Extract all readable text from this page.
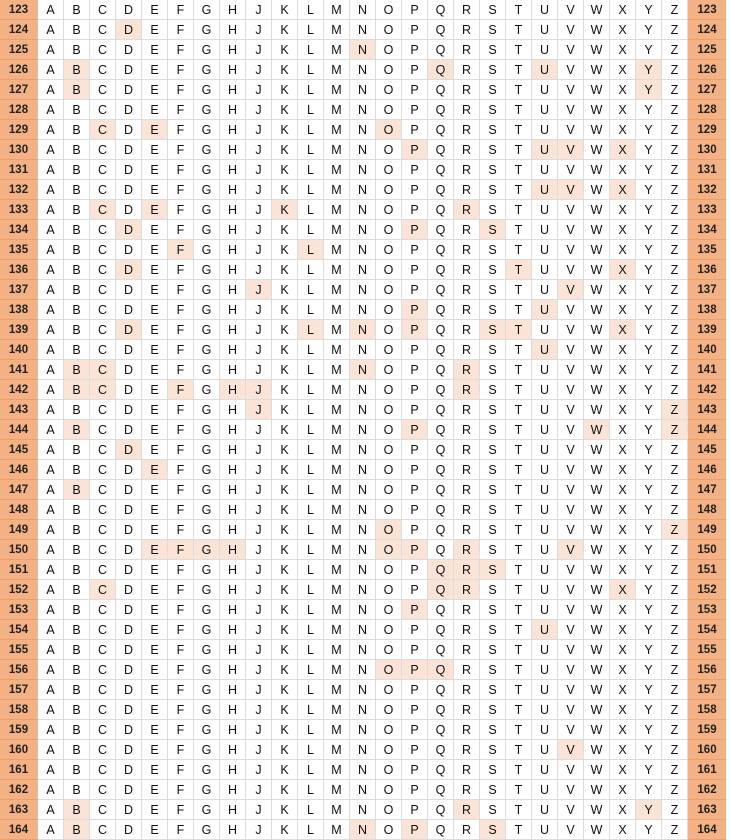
123	A	B	C	D	E	F	G	H	J	K	L	M	N	O	P	Q	R	S	T	U	V	W	X	Y	Z	123
124	A	B	C	D	E	F	G	H	J	K	L	M	N	O	P	Q	R	S	T	U	V	W	X	Y	Z	124
125	A	B	C	D	E	F	G	H	J	K	L	M	N	O	P	Q	R	S	T	U	V	W	X	Y	Z	125
126	A	B	C	D	E	F	G	H	J	K	L	M	N	O	P	Q	R	S	T	U	V	W	X	Y	Z	126
127	A	B	C	D	E	F	G	H	J	K	L	M	N	O	P	Q	R	S	T	U	V	W	X	Y	Z	127
128	A	B	C	D	E	F	G	H	J	K	L	M	N	O	P	Q	R	S	T	U	V	W	X	Y	Z	128
129	A	B	C	D	E	F	G	H	J	K	L	M	N	O	P	Q	R	S	T	U	V	W	X	Y	Z	129
130	A	B	C	D	E	F	G	H	J	K	L	M	N	O	P	Q	R	S	T	U	V	W	X	Y	Z	130
131	A	B	C	D	E	F	G	H	J	K	L	M	N	O	P	Q	R	S	T	U	V	W	X	Y	Z	131
132	A	B	C	D	E	F	G	H	J	K	L	M	N	O	P	Q	R	S	T	U	V	W	X	Y	Z	132
133	A	B	C	D	E	F	G	H	J	K	L	M	N	O	P	Q	R	S	T	U	V	W	X	Y	Z	133
134	A	B	C	D	E	F	G	H	J	K	L	M	N	O	P	Q	R	S	T	U	V	W	X	Y	Z	134
135	A	B	C	D	E	F	G	H	J	K	L	M	N	O	P	Q	R	S	T	U	V	W	X	Y	Z	135
136	A	B	C	D	E	F	G	H	J	K	L	M	N	O	P	Q	R	S	T	U	V	W	X	Y	Z	136
137	A	B	C	D	E	F	G	H	J	K	L	M	N	O	P	Q	R	S	T	U	V	W	X	Y	Z	137
138	A	B	C	D	E	F	G	H	J	K	L	M	N	O	P	Q	R	S	T	U	V	W	X	Y	Z	138
139	A	B	C	D	E	F	G	H	J	K	L	M	N	O	P	Q	R	S	T	U	V	W	X	Y	Z	139
140	A	B	C	D	E	F	G	H	J	K	L	M	N	O	P	Q	R	S	T	U	V	W	X	Y	Z	140
141	A	B	C	D	E	F	G	H	J	K	L	M	N	O	P	Q	R	S	T	U	V	W	X	Y	Z	141
142	A	B	C	D	E	F	G	H	J	K	L	M	N	O	P	Q	R	S	T	U	V	W	X	Y	Z	142
143	A	B	C	D	E	F	G	H	J	K	L	M	N	O	P	Q	R	S	T	U	V	W	X	Y	Z	143
144	A	B	C	D	E	F	G	H	J	K	L	M	N	O	P	Q	R	S	T	U	V	W	X	Y	Z	144
145	A	B	C	D	E	F	G	H	J	K	L	M	N	O	P	Q	R	S	T	U	V	W	X	Y	Z	145
146	A	B	C	D	E	F	G	H	J	K	L	M	N	O	P	Q	R	S	T	U	V	W	X	Y	Z	146
147	A	B	C	D	E	F	G	H	J	K	L	M	N	O	P	Q	R	S	T	U	V	W	X	Y	Z	147
148	A	B	C	D	E	F	G	H	J	K	L	M	N	O	P	Q	R	S	T	U	V	W	X	Y	Z	148
149	A	B	C	D	E	F	G	H	J	K	L	M	N	O	P	Q	R	S	T	U	V	W	X	Y	Z	149
150	A	B	C	D	E	F	G	H	J	K	L	M	N	O	P	Q	R	S	T	U	V	W	X	Y	Z	150
151	A	B	C	D	E	F	G	H	J	K	L	M	N	O	P	Q	R	S	T	U	V	W	X	Y	Z	151
152	A	B	C	D	E	F	G	H	J	K	L	M	N	O	P	Q	R	S	T	U	V	W	X	Y	Z	152
153	A	B	C	D	E	F	G	H	J	K	L	M	N	O	P	Q	R	S	T	U	V	W	X	Y	Z	153
154	A	B	C	D	E	F	G	H	J	K	L	M	N	O	P	Q	R	S	T	U	V	W	X	Y	Z	154
155	A	B	C	D	E	F	G	H	J	K	L	M	N	O	P	Q	R	S	T	U	V	W	X	Y	Z	155
156	A	B	C	D	E	F	G	H	J	K	L	M	N	O	P	Q	R	S	T	U	V	W	X	Y	Z	156
157	A	B	C	D	E	F	G	H	J	K	L	M	N	O	P	Q	R	S	T	U	V	W	X	Y	Z	157
158	A	B	C	D	E	F	G	H	J	K	L	M	N	O	P	Q	R	S	T	U	V	W	X	Y	Z	158
159	A	B	C	D	E	F	G	H	J	K	L	M	N	O	P	Q	R	S	T	U	V	W	X	Y	Z	159
160	A	B	C	D	E	F	G	H	J	K	L	M	N	O	P	Q	R	S	T	U	V	W	X	Y	Z	160
161	A	B	C	D	E	F	G	H	J	K	L	M	N	O	P	Q	R	S	T	U	V	W	X	Y	Z	161
162	A	B	C	D	E	F	G	H	J	K	L	M	N	O	P	Q	R	S	T	U	V	W	X	Y	Z	162
163	A	B	C	D	E	F	G	H	J	K	L	M	N	O	P	Q	R	S	T	U	V	W	X	Y	Z	163
164	A	B	C	D	E	F	G	H	J	K	L	M	N	O	P	Q	R	S	T	U	V	W	X	Y	Z	164
